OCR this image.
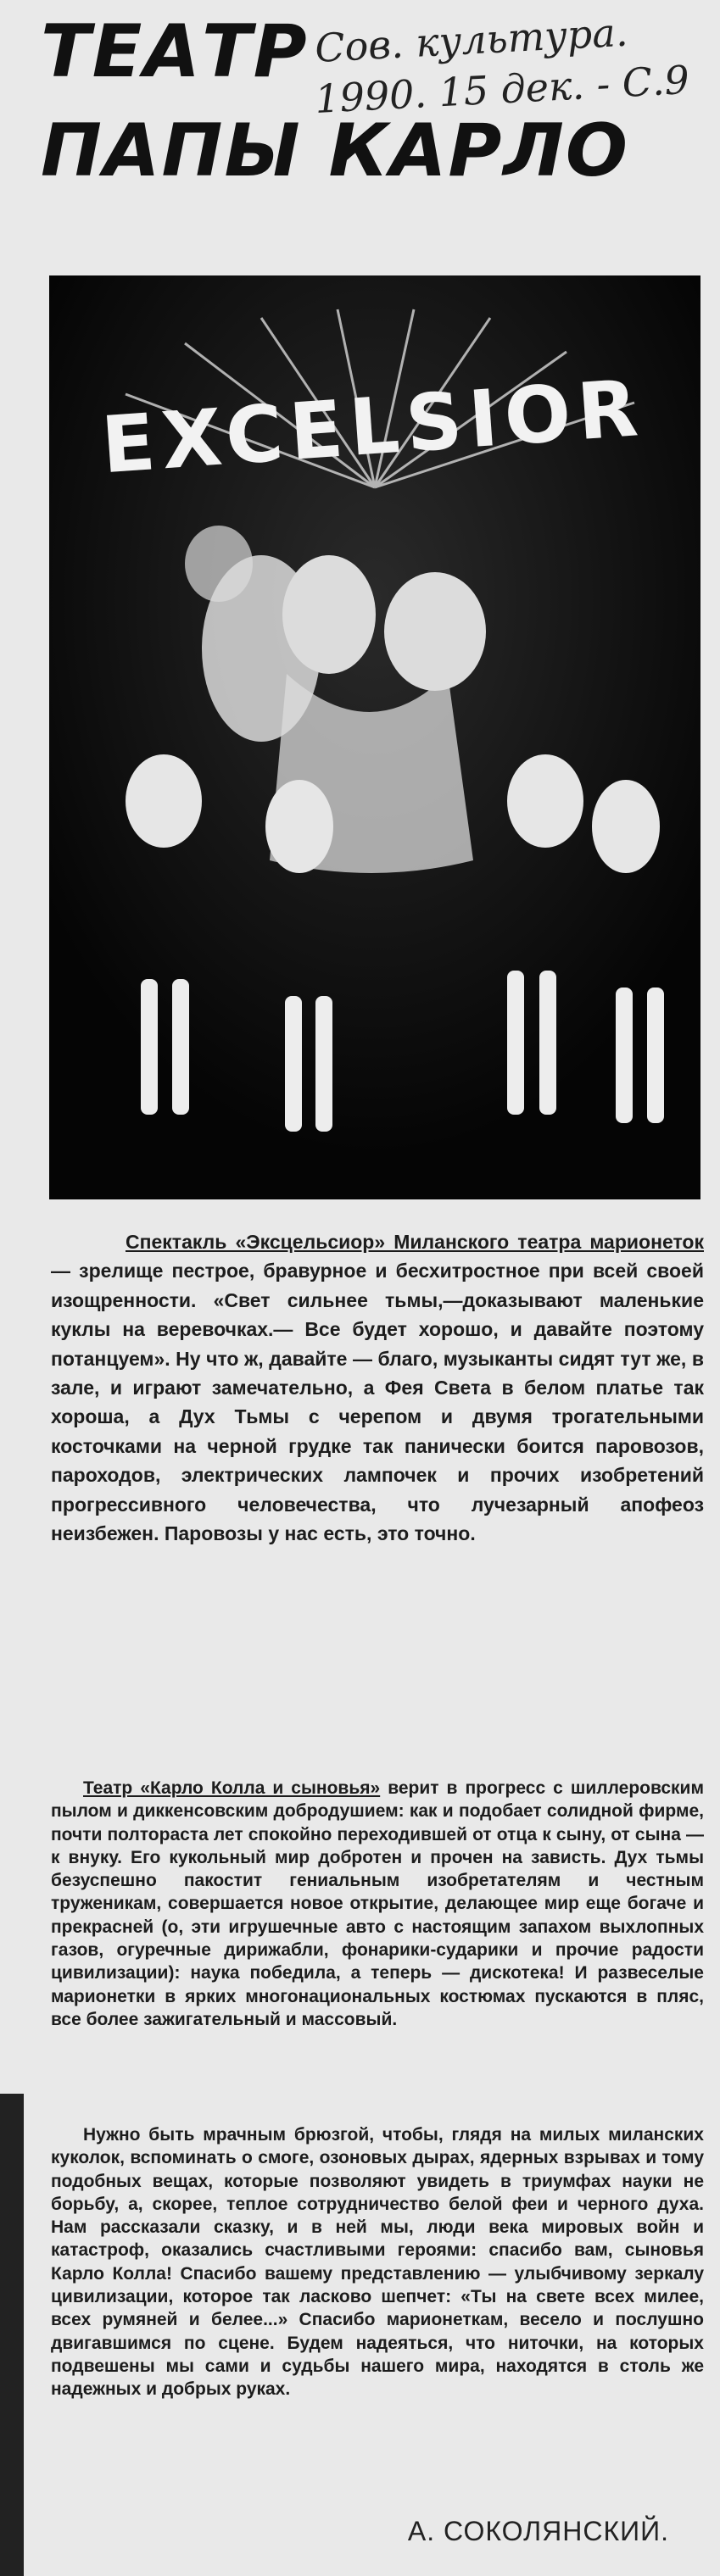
ТЕАТР
ПАПЫ КАРЛО
Сов. культура.
1990. 15 дек. - С.9
EXCELSIOR

Спектакль «Эксцельсиор» Миланского театра марионеток — зрелище пестрое, бравурное и бесхитростное при всей своей изощренности. «Свет сильнее тьмы,—доказывают маленькие куклы на веревочках.— Все будет хорошо, и давайте поэтому потанцуем». Ну что ж, давайте — благо, музыканты сидят тут же, в зале, и играют замечательно, а Фея Света в белом платье так хороша, а Дух Тьмы с черепом и двумя трогательными косточками на черной грудке так панически боится паровозов, пароходов, электрических лампочек и прочих изобретений прогрессивного человечества, что лучезарный апофеоз неизбежен. Паровозы у нас есть, это точно.

Театр «Карло Колла и сыновья» верит в прогресс с шиллеровским пылом и диккенсовским добродушием: как и подобает солидной фирме, почти полтораста лет спокойно переходившей от отца к сыну, от сына — к внуку. Его кукольный мир добротен и прочен на зависть. Дух тьмы безуспешно пакостит гениальным изобретателям и честным труженикам, совершается новое открытие, делающее мир еще богаче и прекрасней (о, эти игрушечные авто с настоящим запахом выхлопных газов, огуречные дирижабли, фонарики-сударики и прочие радости цивилизации): наука победила, а теперь — дискотека! И развеселые марионетки в ярких многонациональных костюмах пускаются в пляс, все более зажигательный и массовый.

Нужно быть мрачным брюзгой, чтобы, глядя на милых миланских куколок, вспоминать о смоге, озоновых дырах, ядерных взрывах и тому подобных вещах, которые позволяют увидеть в триумфах науки не борьбу, а, скорее, теплое сотрудничество белой феи и черного духа. Нам рассказали сказку, и в ней мы, люди века мировых войн и катастроф, оказались счастливыми героями: спасибо вам, сыновья Карло Колла! Спасибо вашему представлению — улыбчивому зеркалу цивилизации, которое так ласково шепчет: «Ты на свете всех милее, всех румяней и белее...» Спасибо марионеткам, весело и послушно двигавшимся по сцене. Будем надеяться, что ниточки, на которых подвешены мы сами и судьбы нашего мира, находятся в столь же надежных и добрых руках.

А. СОКОЛЯНСКИЙ.
